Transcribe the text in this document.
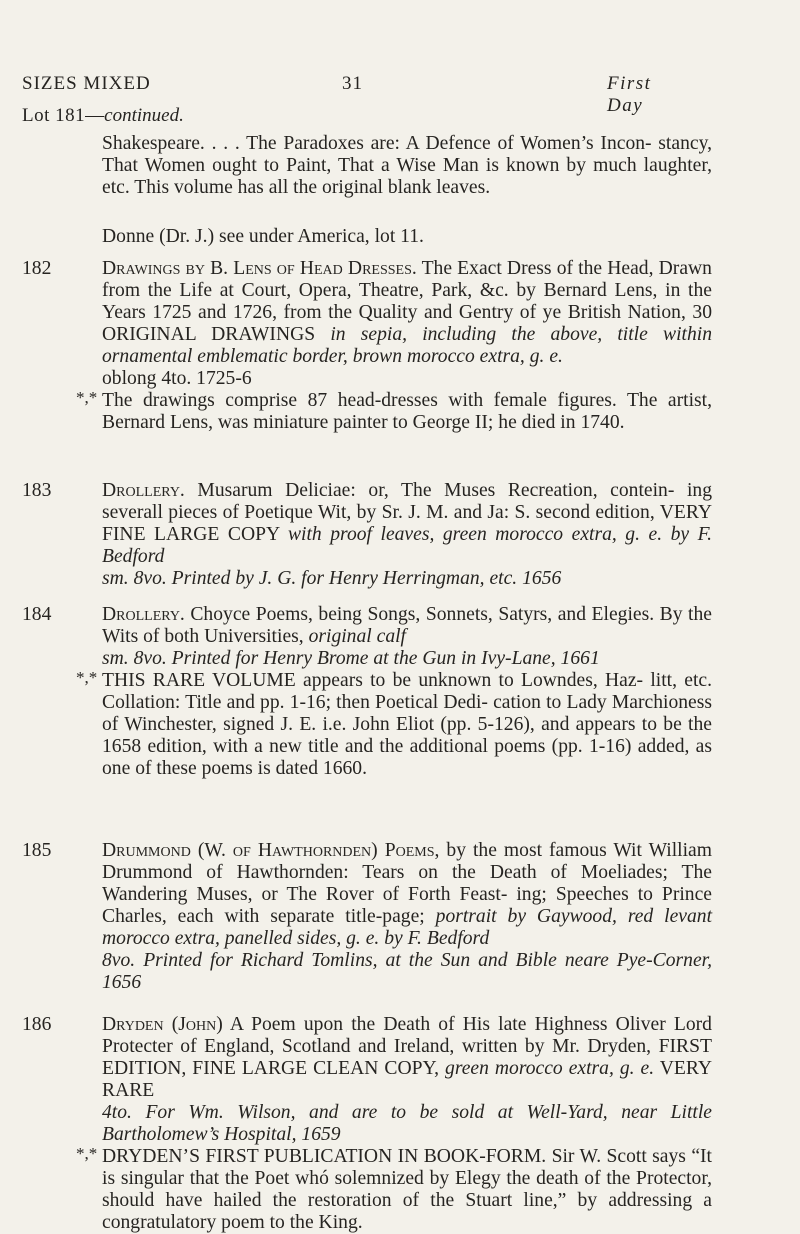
SIZES MIXED	31	First Day
Lot 181—continued.

Shakespeare. . . . The Paradoxes are: A Defence of Women’s Incon- stancy, That Women ought to Paint, That a Wise Man is known by much laughter, etc. This volume has all the original blank leaves.

Donne (Dr. J.) see under America, lot 11.

182	Drawings by B. Lens of Head Dresses. The Exact Dress of the Head, Drawn from the Life at Court, Opera, Theatre, Park, &c. by Bernard Lens, in the Years 1725 and 1726, from the Quality and Gentry of ye British Nation, 30 ORIGINAL DRAWINGS in sepia, including the above, title within ornamental emblematic border, brown morocco extra, g. e.

oblong 4to. 1725-6

*,* The drawings comprise 87 head-dresses with female figures. The artist, Bernard Lens, was miniature painter to George II; he died in 1740.

183	Drollery. Musarum Deliciae: or, The Muses Recreation, contein- ing severall pieces of Poetique Wit, by Sr. J. M. and Ja: S. second edition, VERY FINE LARGE COPY with proof leaves, green morocco extra, g. e. by F. Bedford

sm. 8vo. Printed by J. G. for Henry Herringman, etc. 1656

184	Drollery. Choyce Poems, being Songs, Sonnets, Satyrs, and Elegies. By the Wits of both Universities, original calf

sm. 8vo. Printed for Henry Brome at the Gun in Ivy-Lane, 1661

*,* THIS RARE VOLUME appears to be unknown to Lowndes, Haz- litt, etc. Collation: Title and pp. 1-16; then Poetical Dedi- cation to Lady Marchioness of Winchester, signed J. E. i.e. John Eliot (pp. 5-126), and appears to be the 1658 edition, with a new title and the additional poems (pp. 1-16) added, as one of these poems is dated 1660.

185	Drummond (W. of Hawthornden) Poems, by the most famous Wit William Drummond of Hawthornden: Tears on the Death of Moeliades; The Wandering Muses, or The Rover of Forth Feast- ing; Speeches to Prince Charles, each with separate title-page; portrait by Gaywood, red levant morocco extra, panelled sides, g. e. by F. Bedford

8vo. Printed for Richard Tomlins, at the Sun and Bible neare Pye-Corner, 1656

186	Dryden (John) A Poem upon the Death of His late Highness Oliver Lord Protecter of England, Scotland and Ireland, written by Mr. Dryden, FIRST EDITION, FINE LARGE CLEAN COPY, green morocco extra, g. e. VERY RARE

4to. For Wm. Wilson, and are to be sold at Well-Yard, near Little Bartholomew’s Hospital, 1659

*,* DRYDEN’S FIRST PUBLICATION IN BOOK-FORM. Sir W. Scott says “It is singular that the Poet whó solemnized by Elegy the death of the Protector, should have hailed the restoration of the Stuart line,” by addressing a congratulatory poem to the King.
